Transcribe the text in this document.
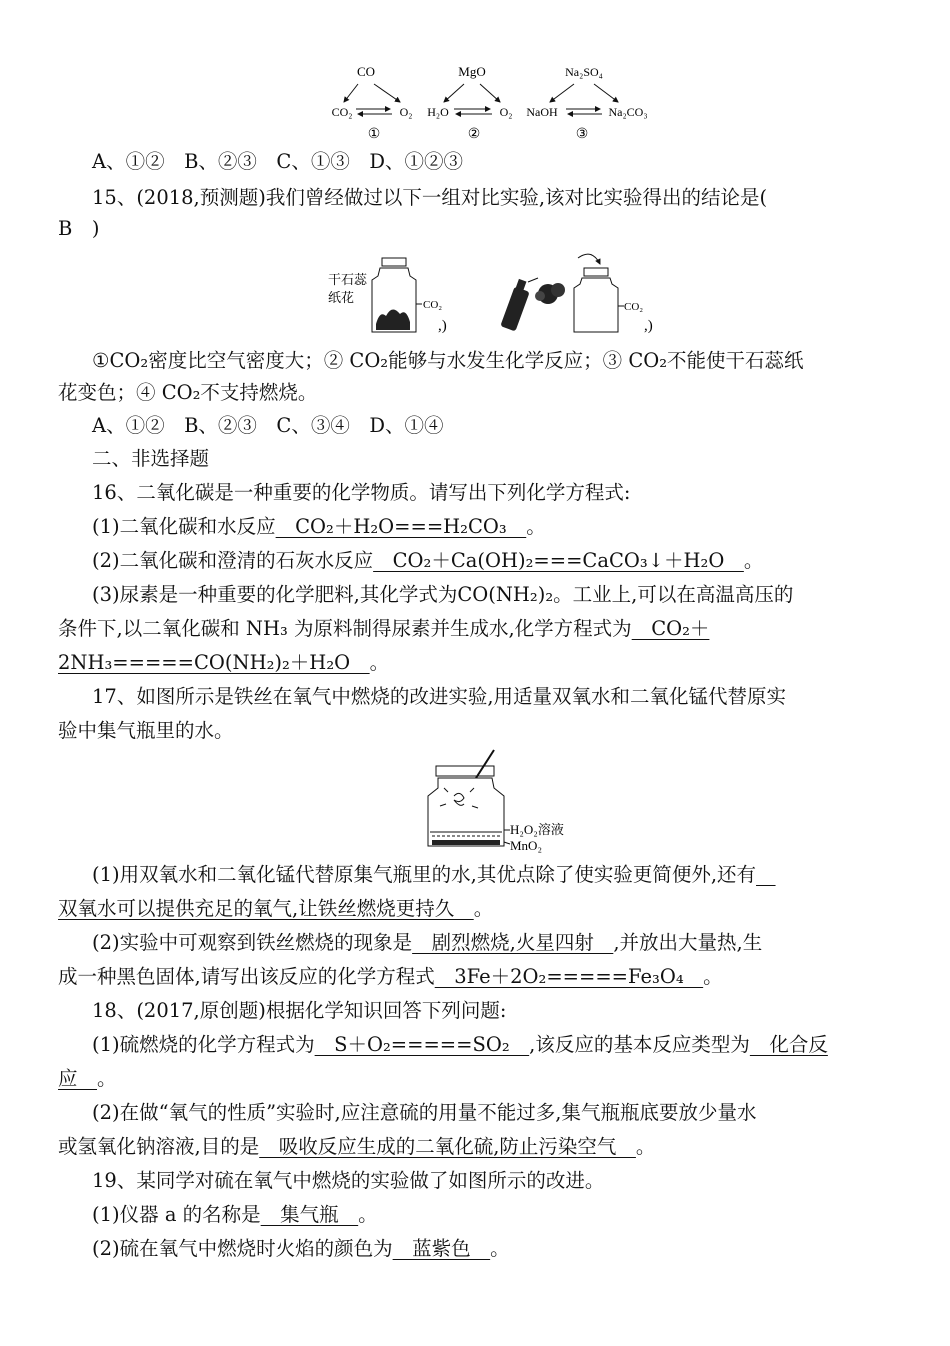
CO
CO₂	O₂
①
MgO
H₂O	O₂
②
Na₂SO₄
NaOH	Na₂CO₃
③
A、①②　B、②③　C、①③　D、①②③
15、(2018,预测题)我们曾经做过以下一组对比实验,该对比实验得出的结论是(
B　)
干石蕊
纸花	CO₂
,)
CO₂
,)
①CO₂密度比空气密度大；② CO₂能够与水发生化学反应；③ CO₂不能使干石蕊纸
花变色；④ CO₂不支持燃烧。
A、①②　B、②③　C、③④　D、①④
二、非选择题
16、二氧化碳是一种重要的化学物质。请写出下列化学方程式:
(1)二氧化碳和水反应　CO₂＋H₂O===H₂CO₃　。
(2)二氧化碳和澄清的石灰水反应　CO₂＋Ca(OH)₂===CaCO₃↓＋H₂O　。
(3)尿素是一种重要的化学肥料,其化学式为CO(NH₂)₂。工业上,可以在高温高压的
条件下,以二氧化碳和 NH₃ 为原料制得尿素并生成水,化学方程式为　CO₂＋
2NH₃=====CO(NH₂)₂＋H₂O　。
17、如图所示是铁丝在氧气中燃烧的改进实验,用适量双氧水和二氧化锰代替原实
验中集气瓶里的水。
H₂O₂溶液
MnO₂
(1)用双氧水和二氧化锰代替原集气瓶里的水,其优点除了使实验更简便外,还有　
双氧水可以提供充足的氧气,让铁丝燃烧更持久　。
(2)实验中可观察到铁丝燃烧的现象是　剧烈燃烧,火星四射　,并放出大量热,生
成一种黑色固体,请写出该反应的化学方程式　3Fe＋2O₂=====Fe₃O₄　。
18、(2017,原创题)根据化学知识回答下列问题:
(1)硫燃烧的化学方程式为　S＋O₂=====SO₂　,该反应的基本反应类型为　化合反
应　。
(2)在做“氧气的性质”实验时,应注意硫的用量不能过多,集气瓶瓶底要放少量水
或氢氧化钠溶液,目的是　吸收反应生成的二氧化硫,防止污染空气　。
19、某同学对硫在氧气中燃烧的实验做了如图所示的改进。
(1)仪器 a 的名称是　集气瓶　。
(2)硫在氧气中燃烧时火焰的颜色为　蓝紫色　。
